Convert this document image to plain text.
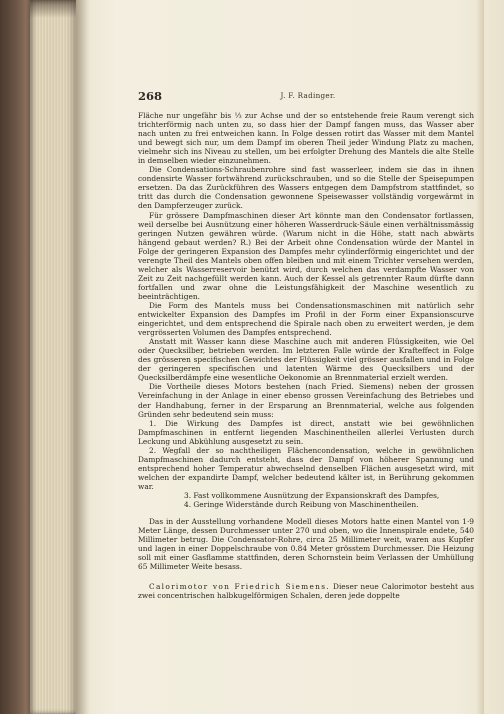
268	J. F. Radinger.

Fläche nur ungefähr bis ⅓ zur Achse und der so entstehende freie Raum verengt sich trichterförmig nach unten zu, so dass hier der Dampf fangen muss, das Wasser aber nach unten zu frei entweichen kann. In Folge dessen rotirt das Wasser mit dem Mantel und bewegt sich nur, um dem Dampf im oberen Theil jeder Windung Platz zu machen, vielmehr sich ins Niveau zu stellen, um bei erfolgter Drehung des Mantels die alte Stelle in demselben wieder einzunehmen.

Die Condensations-Schraubenrohre sind fast wasserleer, indem sie das in ihnen condensirte Wasser fortwährend zurückschrauben, und so die Stelle der Speisepumpen ersetzen. Da das Zurückführen des Wassers entgegen dem Dampfstrom stattfindet, so tritt das durch die Condensation gewonnene Speisewasser vollständig vorgewärmt in den Dampferzeuger zurück.

Für grössere Dampfmaschinen dieser Art könnte man den Condensator fortlassen, weil derselbe bei Ausnützung einer höheren Wasserdruck-Säule einen verhältnissmässig geringen Nutzen gewähren würde. (Warum nicht in die Höhe, statt nach abwärts hängend gebaut werden? R.) Bei der Arbeit ohne Condensation würde der Mantel in Folge der geringeren Expansion des Dampfes mehr cylinderförmig eingerichtet und der verengte Theil des Mantels oben offen bleiben und mit einem Trichter versehen werden, welcher als Wasserreservoir benützt wird, durch welchen das verdampfte Wasser von Zeit zu Zeit nachgefüllt werden kann. Auch der Kessel als getrennter Raum dürfte dann fortfallen und zwar ohne die Leistungsfähigkeit der Maschine wesentlich zu beeinträchtigen.

Die Form des Mantels muss bei Condensationsmaschinen mit natürlich sehr entwickelter Expansion des Dampfes im Profil in der Form einer Expansionscurve eingerichtet, und dem entsprechend die Spirale nach oben zu erweitert werden, je dem vergrösserten Volumen des Dampfes entsprechend.

Anstatt mit Wasser kann diese Maschine auch mit anderen Flüssigkeiten, wie Oel oder Quecksilber, betrieben werden. Im letzteren Falle würde der Krafteffect in Folge des grösseren specifischen Gewichtes der Flüssigkeit viel grösser ausfallen und in Folge der geringeren specifischen und latenten Wärme des Quecksilbers und der Quecksilberdämpfe eine wesentliche Oekonomie an Brennmaterial erzielt werden.

Die Vortheile dieses Motors bestehen (nach Fried. Siemens) neben der grossen Vereinfachung in der Anlage in einer ebenso grossen Vereinfachung des Betriebes und der Handhabung, ferner in der Ersparung an Brennmaterial, welche aus folgenden Gründen sehr bedeutend sein muss:

1. Die Wirkung des Dampfes ist direct, anstatt wie bei gewöhnlichen Dampfmaschinen in entfernt liegenden Maschinentheilen allerlei Verlusten durch Leckung und Abkühlung ausgesetzt zu sein.

2. Wegfall der so nachtheiligen Flächencondensation, welche in gewöhnlichen Dampfmaschinen dadurch entsteht, dass der Dampf von höherer Spannung und entsprechend hoher Temperatur abwechselnd denselben Flächen ausgesetzt wird, mit welchen der expandirte Dampf, welcher bedeutend kälter ist, in Berührung gekommen war.

3. Fast vollkommene Ausnützung der Expansionskraft des Dampfes,

4. Geringe Widerstände durch Reibung von Maschinentheilen.

Das in der Ausstellung vorhandene Modell dieses Motors hatte einen Mantel von 1·9 Meter Länge, dessen Durchmesser unter 270 und oben, wo die Innenspirale endete, 540 Millimeter betrug. Die Condensator-Rohre, circa 25 Millimeter weit, waren aus Kupfer und lagen in einer Doppelschraube von 0.84 Meter grösstem Durchmesser. Die Heizung soll mit einer Gasflamme stattfinden, deren Schornstein beim Verlassen der Umhüllung 65 Millimeter Weite besass.

Calorimotor von Friedrich Siemens. Dieser neue Calorimotor besteht aus zwei concentrischen halbkugelförmigen Schalen, deren jede doppelte
